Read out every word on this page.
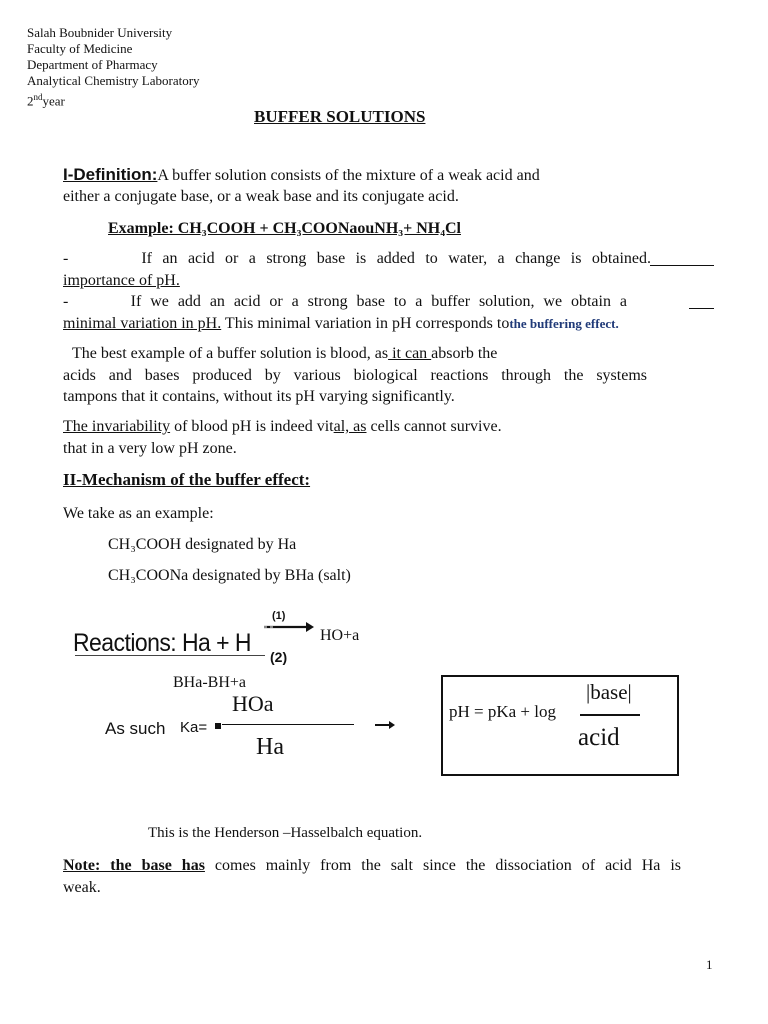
Salah Boubnider University
Faculty of Medicine
Department of Pharmacy
Analytical Chemistry Laboratory
2ndyear
BUFFER SOLUTIONS
I-Definition:A buffer solution consists of the mixture of a weak acid and
either a conjugate base, or a weak base and its conjugate acid.
Example: CH₃COOH + CH₃COONaouNH₃+ NH₄Cl
-       If an acid or a strong base is added to water, a change is obtained.
importance of pH.
-       If we add an acid or a strong base to a buffer solution, we obtain a
minimal variation in pH. This minimal variation in pH corresponds tothe buffering effect.
The best example of a buffer solution is blood, as it can absorb the
acids and bases produced by various biological reactions through the systems
tampons that it contains, without its pH varying significantly.
The invariability of blood pH is indeed vital, as cells cannot survive.
that in a very low pH zone.
II-Mechanism of the buffer effect:
We take as an example:
CH₃COOH designated by Ha
CH₃COONa designated by BHa (salt)
Reactions: Ha + H
(1)
(2)
HO+a
BHa-BH+a
As such Ka=
HOa
Ha
pH = pKa + log
|base|
acid
This is the Henderson –Hasselbalch equation.
Note: the base has comes mainly from the salt since the dissociation of acid Ha is
weak.
1
